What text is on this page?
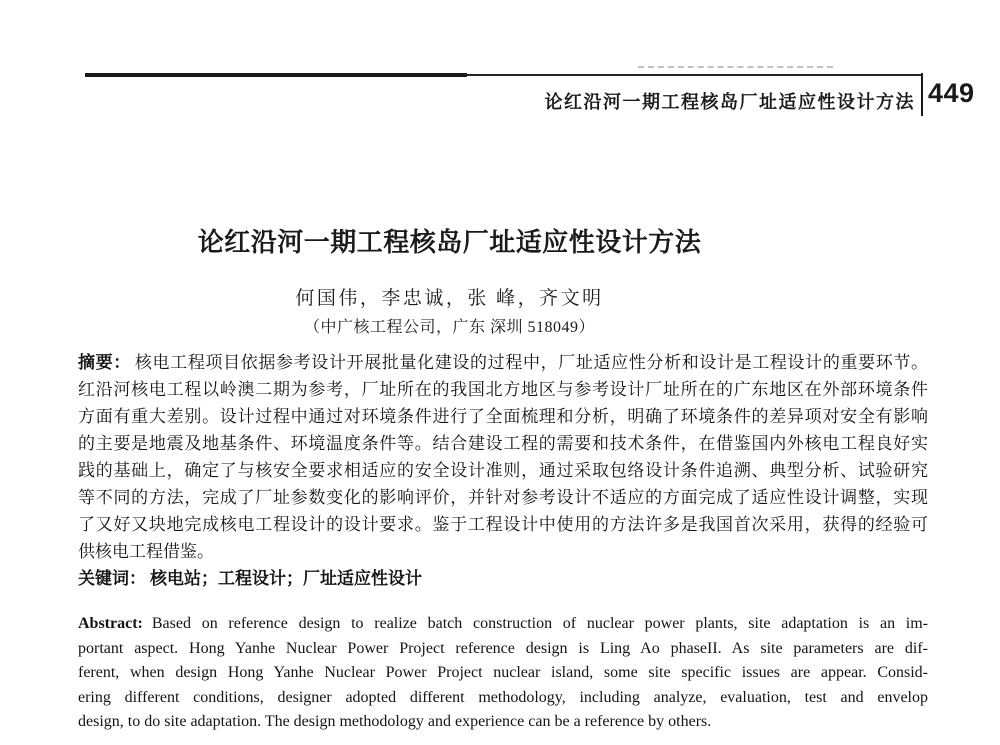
论红沿河一期工程核岛厂址适应性设计方法 449
论红沿河一期工程核岛厂址适应性设计方法
何国伟，李忠诚，张 峰，齐文明
（中广核工程公司，广东 深圳 518049）
摘要： 核电工程项目依据参考设计开展批量化建设的过程中，厂址适应性分析和设计是工程设计的重要环节。
红沿河核电工程以岭澳二期为参考，厂址所在的我国北方地区与参考设计厂址所在的广东地区在外部环境条件
方面有重大差别。设计过程中通过对环境条件进行了全面梳理和分析，明确了环境条件的差异项对安全有影响
的主要是地震及地基条件、环境温度条件等。结合建设工程的需要和技术条件，在借鉴国内外核电工程良好实
践的基础上，确定了与核安全要求相适应的安全设计准则，通过采取包络设计条件追溯、典型分析、试验研究
等不同的方法，完成了厂址参数变化的影响评价，并针对参考设计不适应的方面完成了适应性设计调整，实现
了又好又块地完成核电工程设计的设计要求。鉴于工程设计中使用的方法许多是我国首次采用，获得的经验可
供核电工程借鉴。
关键词： 核电站；工程设计；厂址适应性设计
Abstract: Based on reference design to realize batch construction of nuclear power plants, site adaptation is an im-
portant aspect. Hong Yanhe Nuclear Power Project reference design is Ling Ao phaseII. As site parameters are dif-
ferent, when design Hong Yanhe Nuclear Power Project nuclear island, some site specific issues are appear. Consid-
ering different conditions, designer adopted different methodology, including analyze, evaluation, test and envelop
design, to do site adaptation. The design methodology and experience can be a reference by others.
